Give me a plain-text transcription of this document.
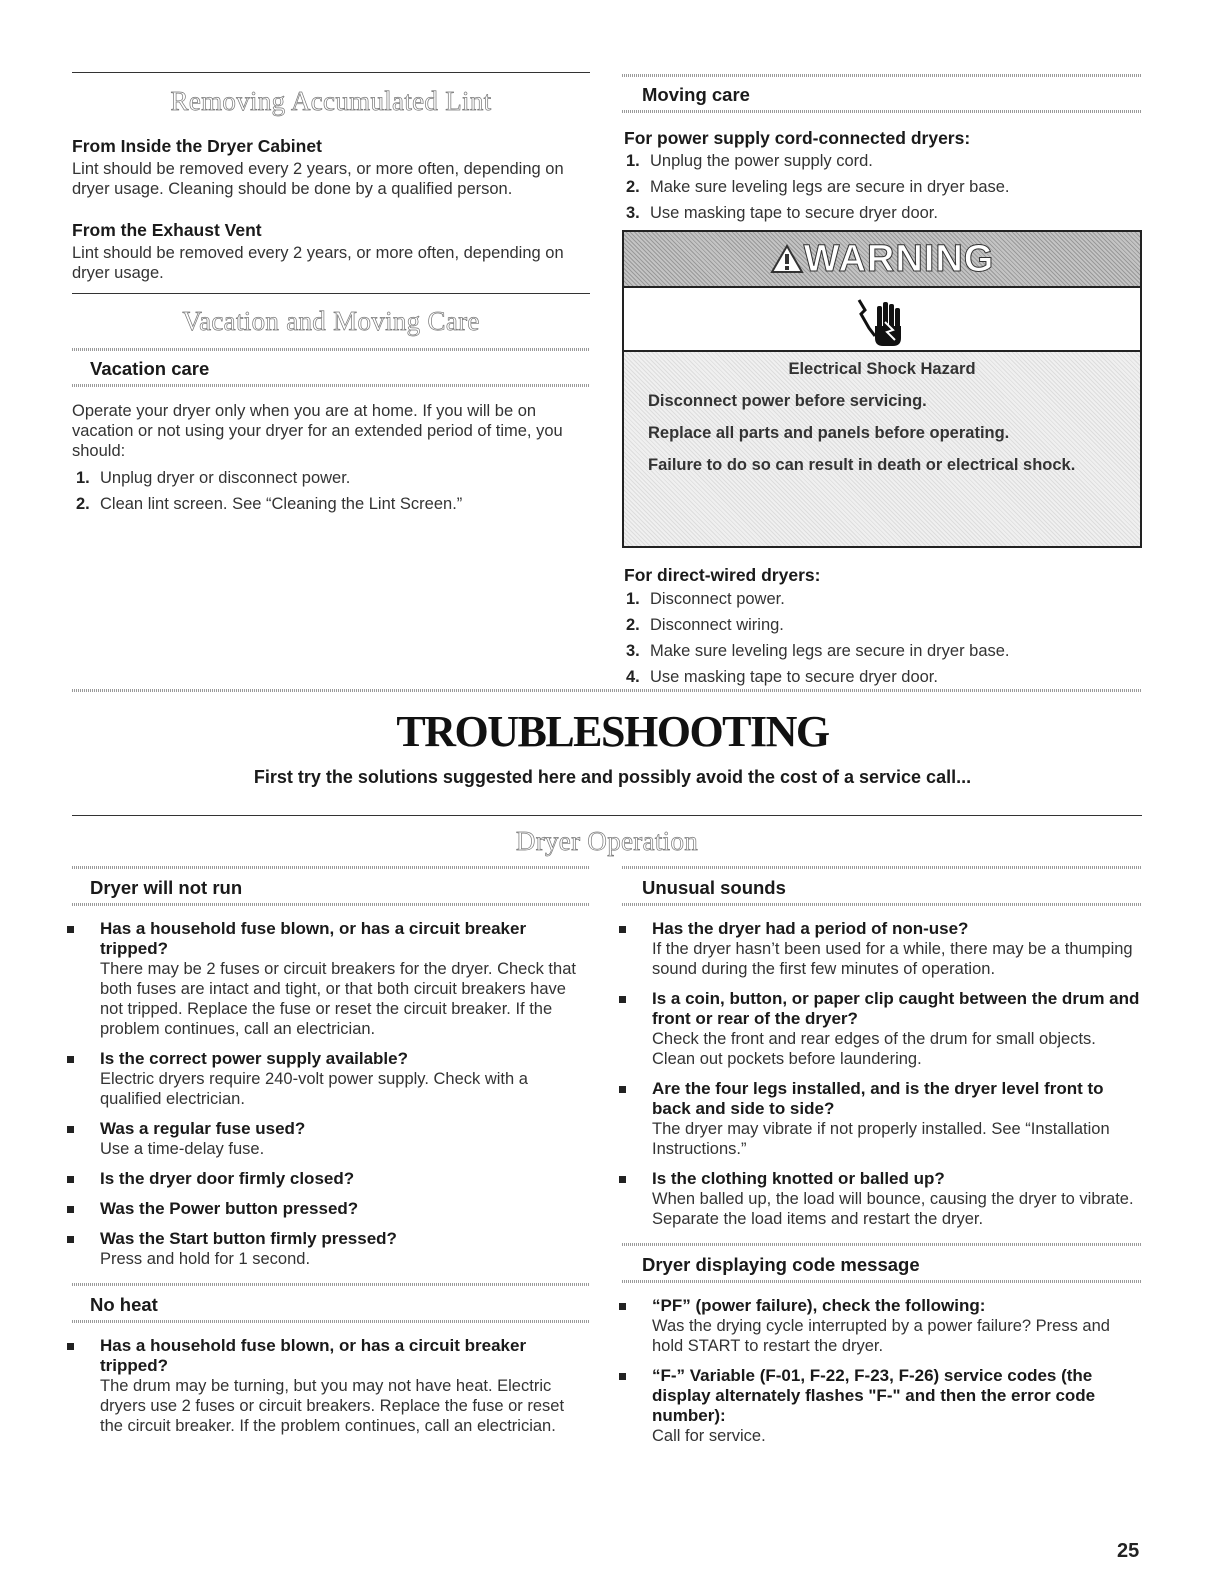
Removing Accumulated Lint
From Inside the Dryer Cabinet
Lint should be removed every 2 years, or more often, depending on dryer usage. Cleaning should be done by a qualified person.
From the Exhaust Vent
Lint should be removed every 2 years, or more often, depending on dryer usage.
Vacation and Moving Care
Vacation care
Operate your dryer only when you are at home. If you will be on vacation or not using your dryer for an extended period of time, you should:
1. Unplug dryer or disconnect power.
2. Clean lint screen. See “Cleaning the Lint Screen.”
Moving care
For power supply cord-connected dryers:
1. Unplug the power supply cord.
2. Make sure leveling legs are secure in dryer base.
3. Use masking tape to secure dryer door.
WARNING
Electrical Shock Hazard
Disconnect power before servicing.
Replace all parts and panels before operating.
Failure to do so can result in death or electrical shock.
For direct-wired dryers:
1. Disconnect power.
2. Disconnect wiring.
3. Make sure leveling legs are secure in dryer base.
4. Use masking tape to secure dryer door.
TROUBLESHOOTING
First try the solutions suggested here and possibly avoid the cost of a service call...
Dryer Operation
Dryer will not run
Has a household fuse blown, or has a circuit breaker tripped?
There may be 2 fuses or circuit breakers for the dryer. Check that both fuses are intact and tight, or that both circuit breakers have not tripped. Replace the fuse or reset the circuit breaker. If the problem continues, call an electrician.
Is the correct power supply available?
Electric dryers require 240-volt power supply. Check with a qualified electrician.
Was a regular fuse used?
Use a time-delay fuse.
Is the dryer door firmly closed?
Was the Power button pressed?
Was the Start button firmly pressed?
Press and hold for 1 second.
No heat
Has a household fuse blown, or has a circuit breaker tripped?
The drum may be turning, but you may not have heat. Electric dryers use 2 fuses or circuit breakers. Replace the fuse or reset the circuit breaker. If the problem continues, call an electrician.
Unusual sounds
Has the dryer had a period of non-use?
If the dryer hasn’t been used for a while, there may be a thumping sound during the first few minutes of operation.
Is a coin, button, or paper clip caught between the drum and front or rear of the dryer?
Check the front and rear edges of the drum for small objects. Clean out pockets before laundering.
Are the four legs installed, and is the dryer level front to back and side to side?
The dryer may vibrate if not properly installed. See “Installation Instructions.”
Is the clothing knotted or balled up?
When balled up, the load will bounce, causing the dryer to vibrate. Separate the load items and restart the dryer.
Dryer displaying code message
“PF” (power failure), check the following:
Was the drying cycle interrupted by a power failure? Press and hold START to restart the dryer.
“F-” Variable (F-01, F-22, F-23, F-26) service codes (the display alternately flashes "F-" and then the error code number):
Call for service.
25
